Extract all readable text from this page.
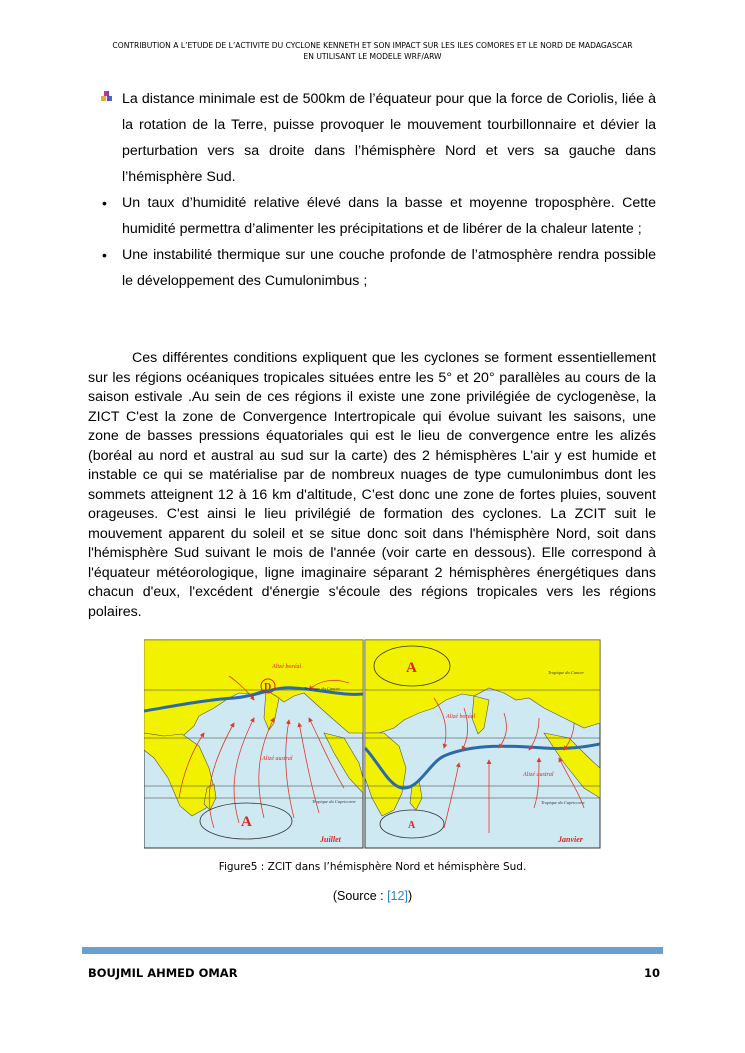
CONTRIBUTION A L’ETUDE DE L’ACTIVITE DU CYCLONE KENNETH ET SON IMPACT SUR LES ILES COMORES ET LE NORD DE MADAGASCAR
EN UTILISANT LE MODELE WRF/ARW
La distance minimale est de 500km de l’équateur pour que la force de Coriolis, liée à la rotation de la Terre, puisse provoquer le mouvement tourbillonnaire et dévier la perturbation vers sa droite dans l’hémisphère Nord et vers sa gauche dans l’hémisphère Sud.
• Un taux d’humidité relative élevé dans la basse et moyenne troposphère. Cette humidité permettra d’alimenter les précipitations et de libérer de la chaleur latente ;
• Une instabilité thermique sur une couche profonde de l’atmosphère rendra possible le développement des Cumulonimbus ;
Ces différentes conditions expliquent que les cyclones se forment essentiellement sur les régions océaniques tropicales situées entre les 5° et 20° parallèles au cours de la saison estivale .Au sein de ces régions il existe une zone privilégiée de cyclogenèse, la ZICT C'est la zone de Convergence Intertropicale qui évolue suivant les saisons, une zone de basses pressions équatoriales qui est le lieu de convergence entre les alizés (boréal au nord et austral au sud sur la carte) des 2 hémisphères L'air y est humide et instable ce qui se matérialise par de nombreux nuages de type cumulonimbus dont les sommets atteignent 12 à 16 km d'altitude, C’est donc une zone de fortes pluies, souvent orageuses. C'est ainsi le lieu privilégié de formation des cyclones. La ZCIT suit le mouvement apparent du soleil et se situe donc soit dans l'hémisphère Nord, soit dans l'hémisphère Sud suivant le mois de l'année (voir carte en dessous). Elle correspond à l'équateur météorologique, ligne imaginaire séparant 2 hémisphères énergétiques dans chacun d'eux, l'excédent d'énergie s'écoule des régions tropicales vers les régions polaires.
A
D
Alizé boréal
Tropique du Cancer
Alizé austral
Tropique du Capricorne
Juillet
A
A
Tropique du Cancer
Alizé boréal
Alizé austral
Tropique du Capricorne
Janvier
Figure5 : ZCIT dans l’hémisphère Nord et hémisphère Sud.
(Source : [12])
BOUJMIL AHMED OMAR	10
